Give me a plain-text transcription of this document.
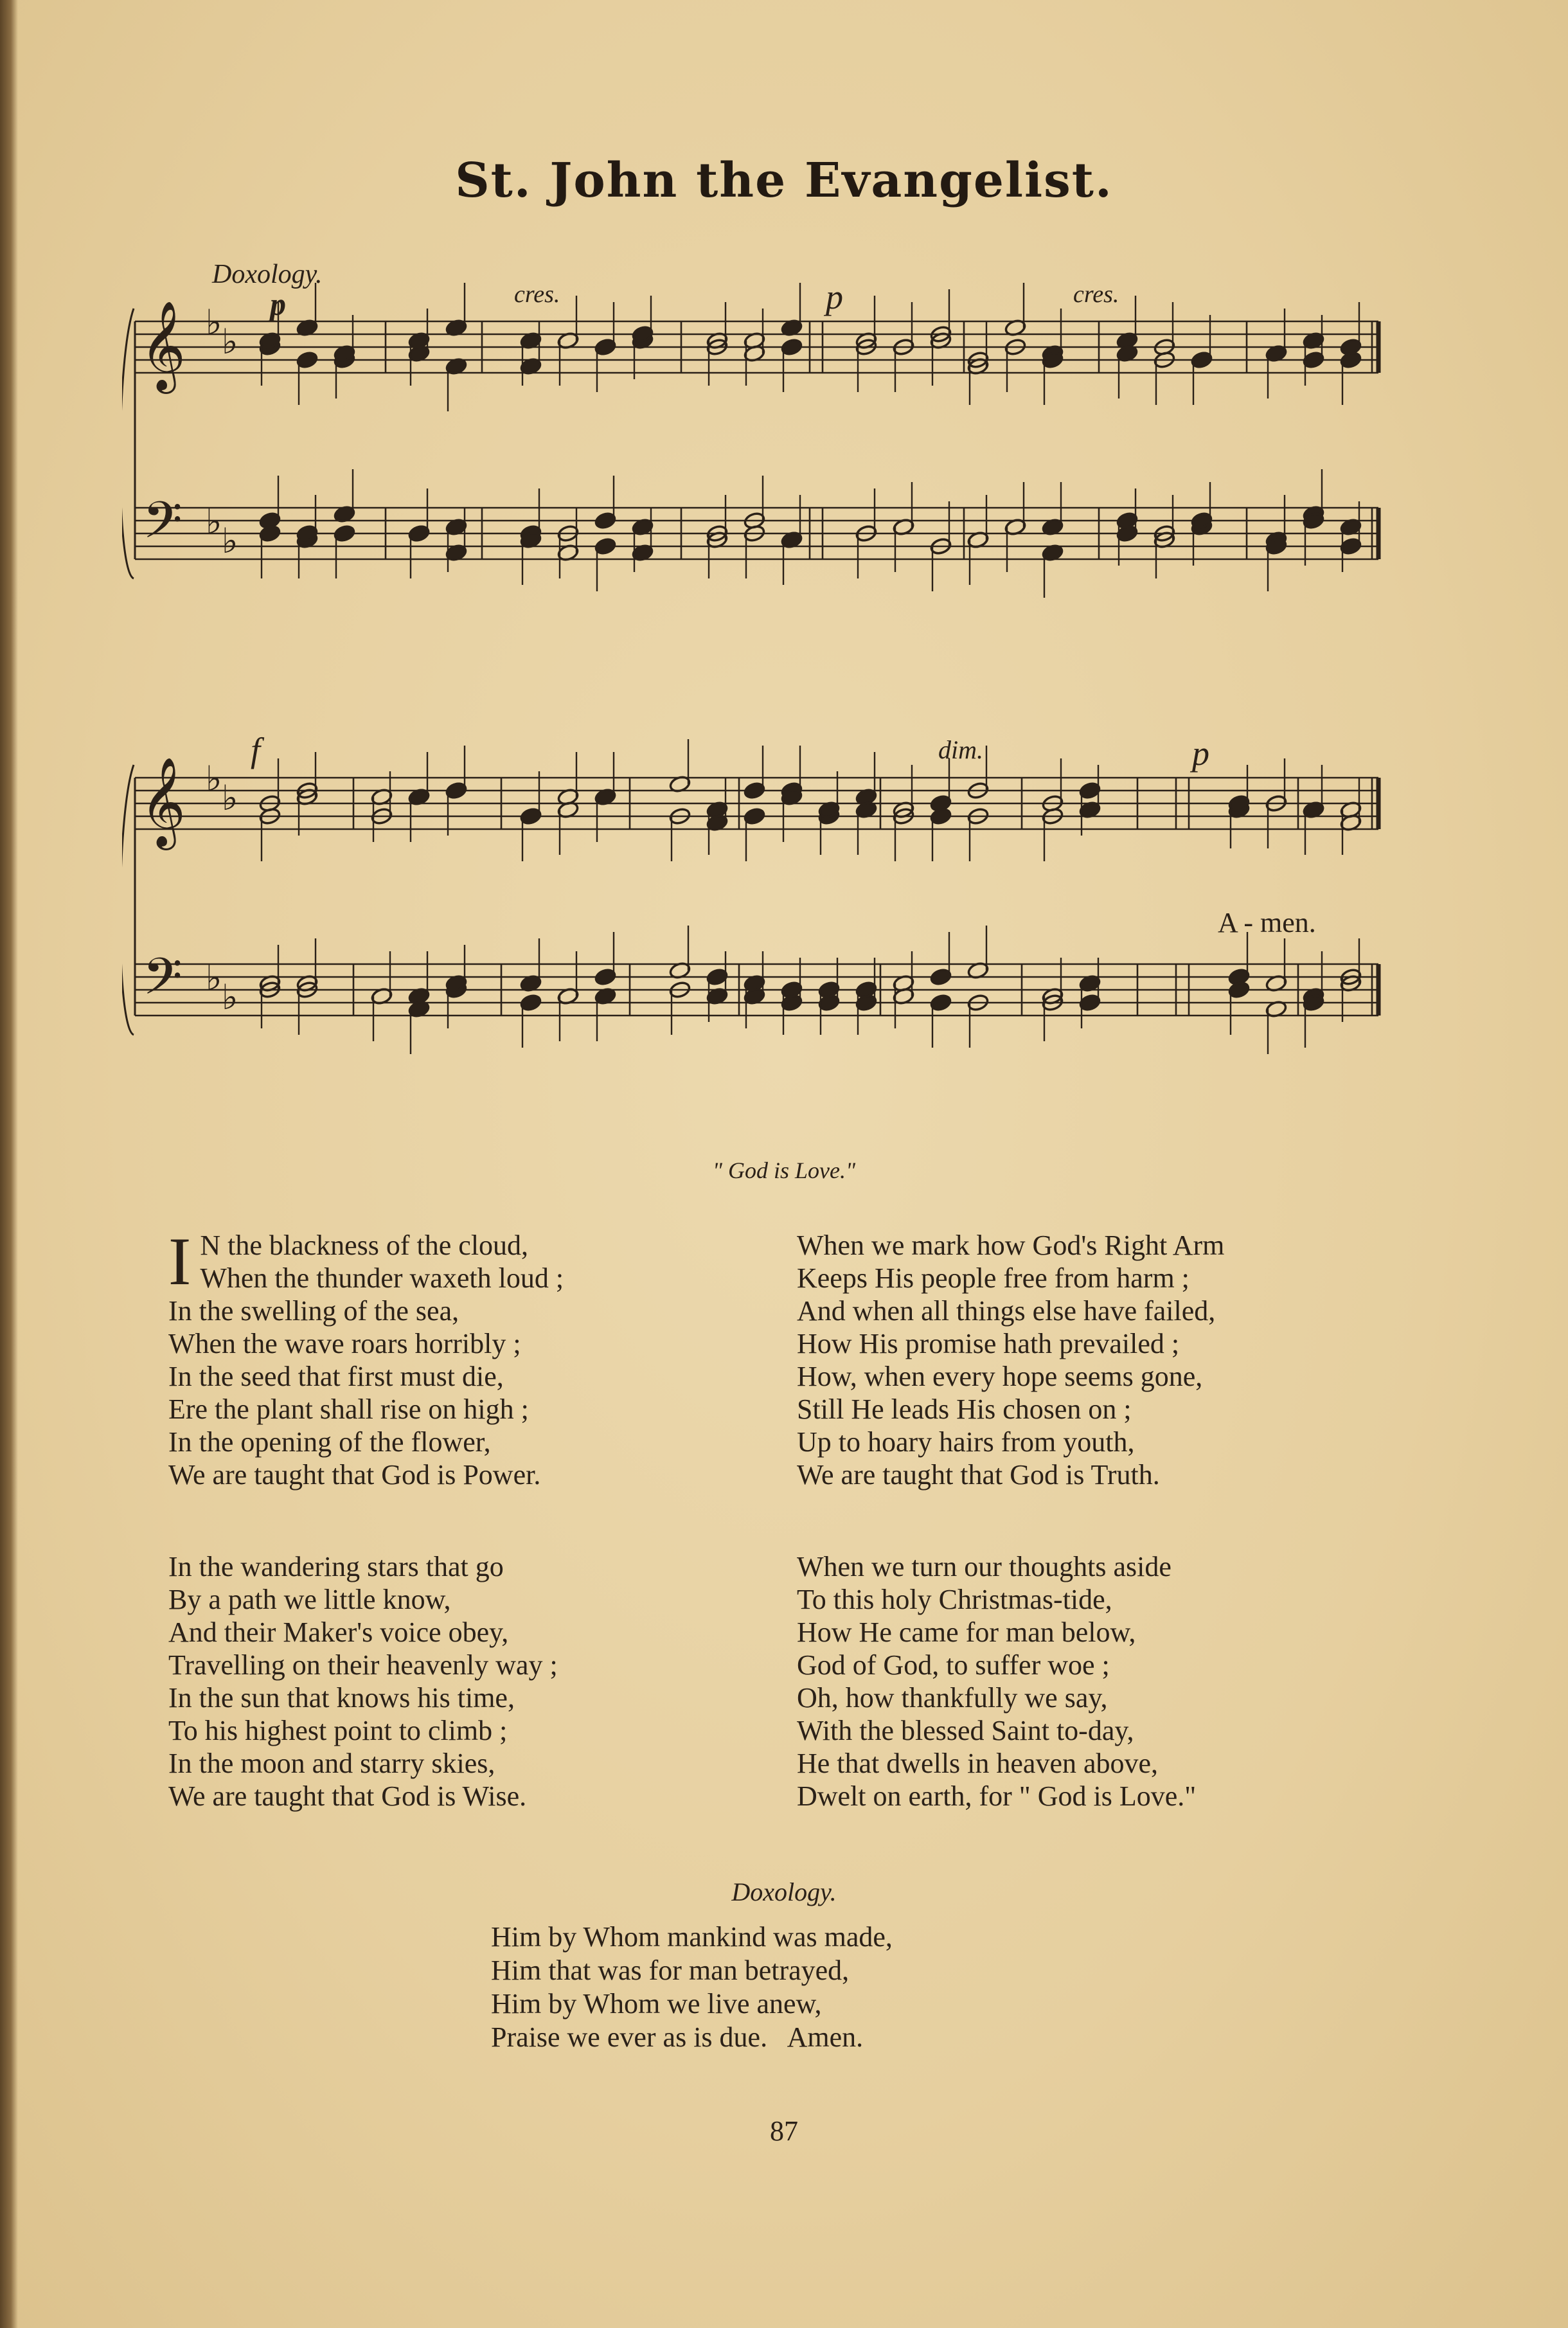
St. John the Evangelist.
𝄞
𝄢
♭ ♭
♭ ♭
Doxology.
p	cres.	p	cres.
𝄞
𝄢
♭ ♭
♭ ♭
f	dim.	p
A - men.
" God is Love."
I N the blackness of the cloud,
When the thunder waxeth loud ;
In the swelling of the sea,
When the wave roars horribly ;
In the seed that first must die,
Ere the plant shall rise on high ;
In the opening of the flower,
We are taught that God is Power.
When we mark how God's Right Arm
Keeps His people free from harm ;
And when all things else have failed,
How His promise hath prevailed ;
How, when every hope seems gone,
Still He leads His chosen on ;
Up to hoary hairs from youth,
We are taught that God is Truth.
In the wandering stars that go
By a path we little know,
And their Maker's voice obey,
Travelling on their heavenly way ;
In the sun that knows his time,
To his highest point to climb ;
In the moon and starry skies,
We are taught that God is Wise.
When we turn our thoughts aside
To this holy Christmas-tide,
How He came for man below,
God of God, to suffer woe ;
Oh, how thankfully we say,
With the blessed Saint to-day,
He that dwells in heaven above,
Dwelt on earth, for " God is Love."
Doxology.
Him by Whom mankind was made,
Him that was for man betrayed,
Him by Whom we live anew,
Praise we ever as is due.   Amen.
87
